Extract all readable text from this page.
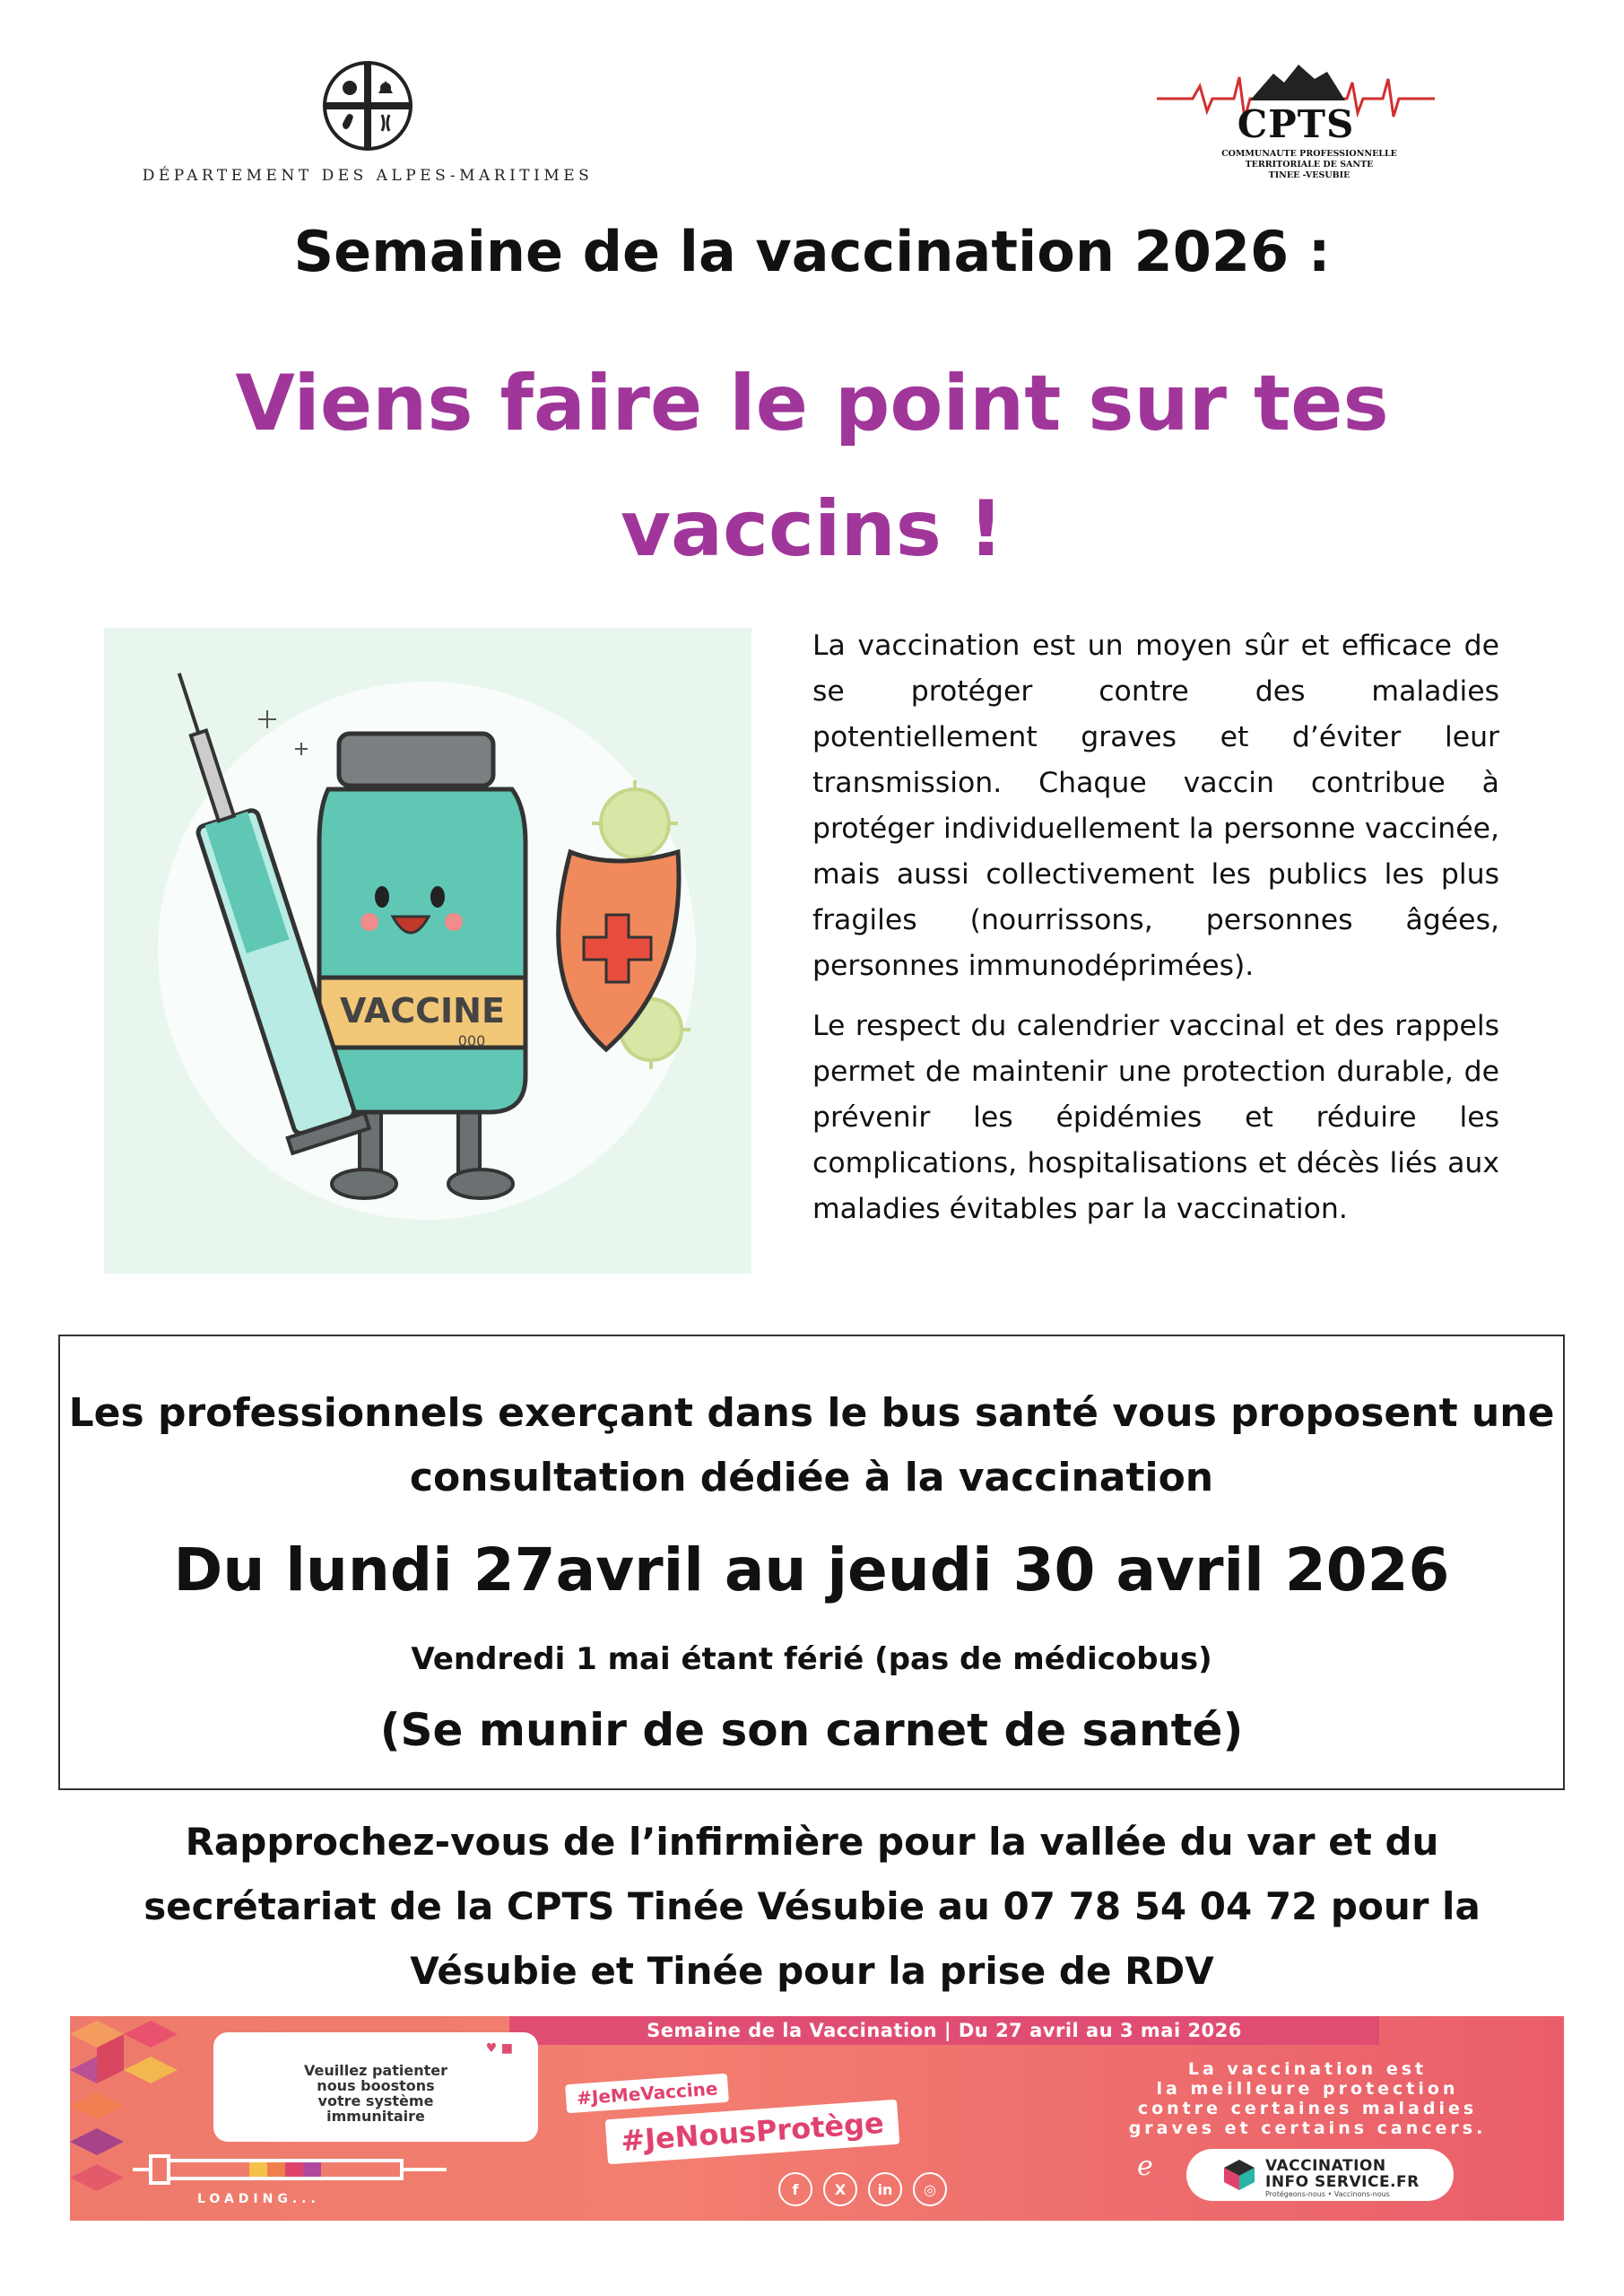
DÉPARTEMENT DES ALPES-MARITIMES
CPTS
COMMUNAUTE PROFESSIONNELLE
TERRITORIALE DE SANTE
TINEE -VESUBIE
Semaine de la vaccination 2026 :
Viens faire le point sur tes
vaccins !
VACCINE
000

La vaccination est un moyen sûr et efficace de se protéger contre des maladies potentiellement graves et d’éviter leur transmission. Chaque vaccin contribue à protéger individuellement la personne vaccinée, mais aussi collectivement les publics les plus fragiles (nourrissons, personnes âgées, personnes immunodéprimées).

Le respect du calendrier vaccinal et des rappels permet de maintenir une protection durable, de prévenir les épidémies et réduire les complications, hospitalisations et décès liés aux maladies évitables par la vaccination.

Les professionnels exerçant dans le bus santé vous proposent une
consultation dédiée à la vaccination
Du lundi 27avril au jeudi 30 avril 2026
Vendredi 1 mai étant férié (pas de médicobus)
(Se munir de son carnet de santé)
Rapprochez-vous de l’infirmière pour la vallée du var et du
secrétariat de la CPTS Tinée Vésubie au 07 78 54 04 72 pour la
Vésubie et Tinée pour la prise de RDV
Semaine de la Vaccination | Du 27 avril au 3 mai 2026
♥ ■
Veuillez patienter
nous boostons
votre système
immunitaire
LOADING...
#JeMeVaccine
#JeNousProtège
f	X	in	◎
La vaccination est
la meilleure protection
contre certaines maladies
graves et certains cancers.
ℯ	VACCINATION
INFO SERVICE.FR
Protégeons-nous • Vaccinons-nous
